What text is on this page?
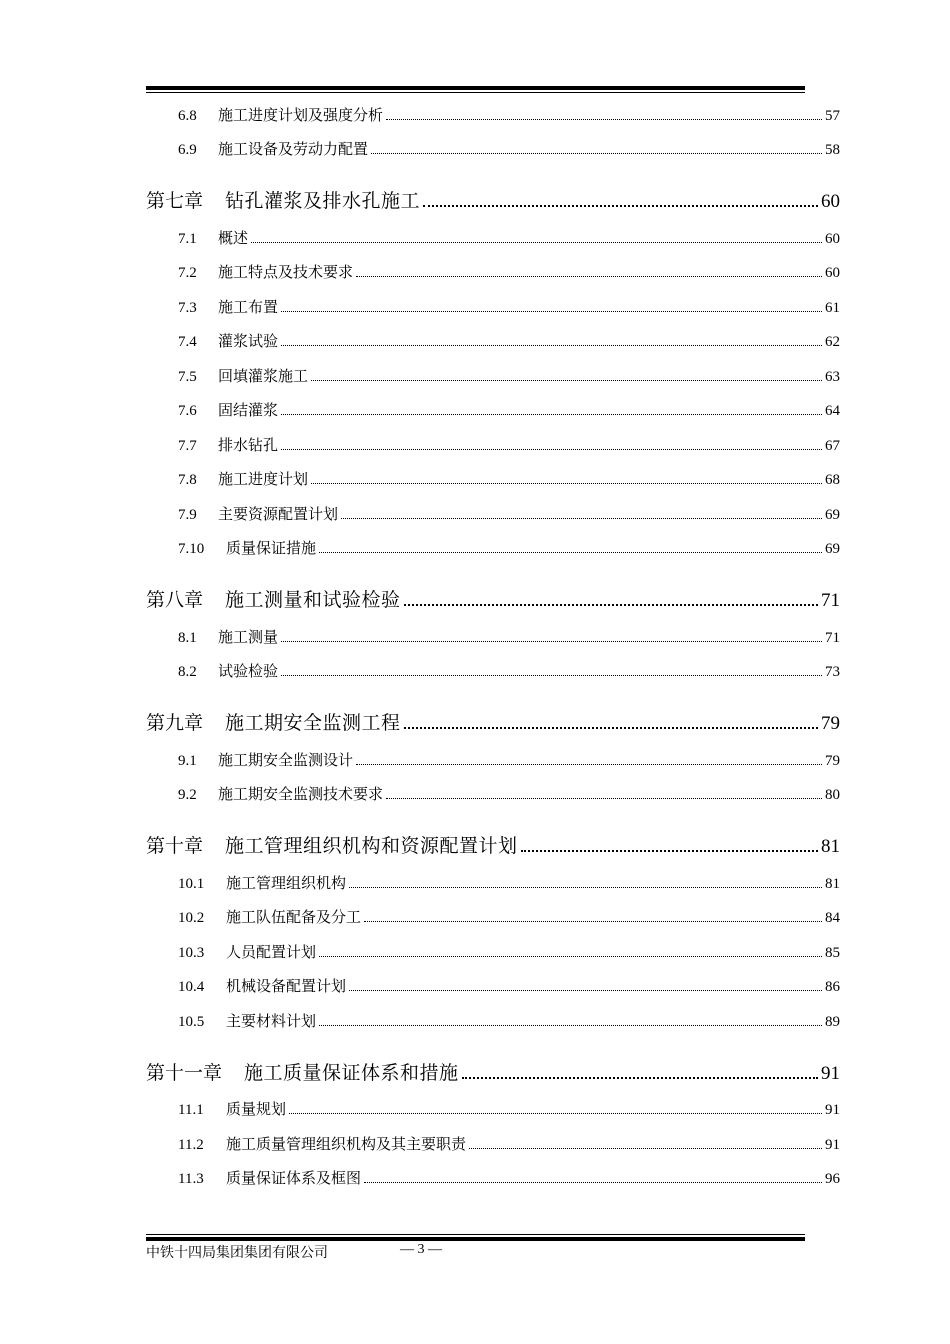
6.8	施工进度计划及强度分析	57
6.9	施工设备及劳动力配置	58
第七章 钻孔灌浆及排水孔施工	60
7.1	概述	60
7.2	施工特点及技术要求	60
7.3	施工布置	61
7.4	灌浆试验	62
7.5	回填灌浆施工	63
7.6	固结灌浆	64
7.7	排水钻孔	67
7.8	施工进度计划	68
7.9	主要资源配置计划	69
7.10	质量保证措施	69
第八章 施工测量和试验检验	71
8.1	施工测量	71
8.2	试验检验	73
第九章 施工期安全监测工程	79
9.1	施工期安全监测设计	79
9.2	施工期安全监测技术要求	80
第十章 施工管理组织机构和资源配置计划	81
10.1	施工管理组织机构	81
10.2	施工队伍配备及分工	84
10.3	人员配置计划	85
10.4	机械设备配置计划	86
10.5	主要材料计划	89
第十一章 施工质量保证体系和措施	91
11.1	质量规划	91
11.2	施工质量管理组织机构及其主要职责	91
11.3	质量保证体系及框图	96
中铁十四局集团集团有限公司	— 3 —
